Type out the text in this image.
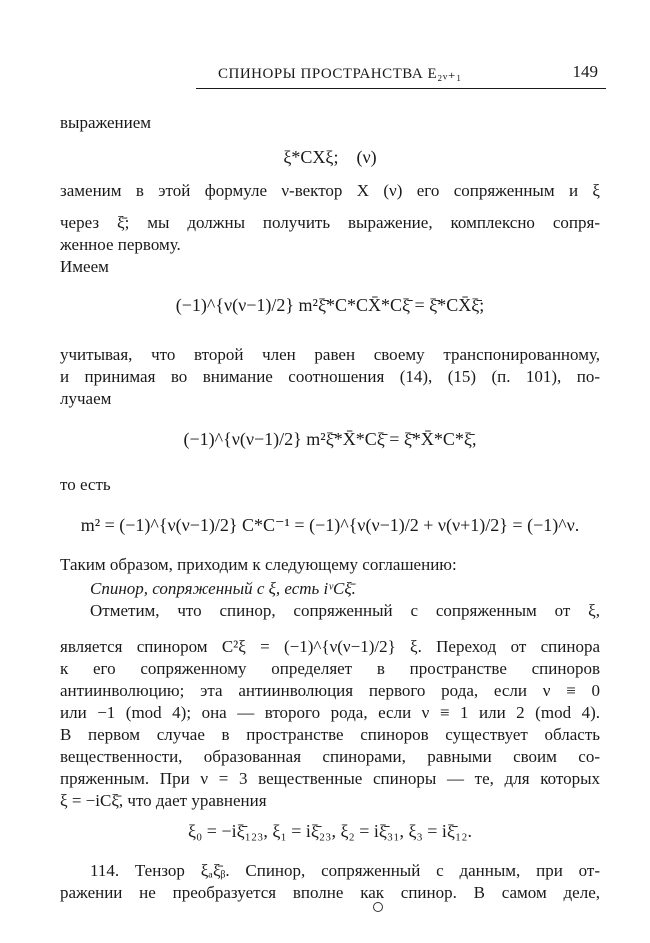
СПИНОРЫ ПРОСТРАНСТВА E₂ᵥ₊₁	149
выражением
ξ*CXξ; (ν)
заменим в этой формуле ν-вектор X (ν) его сопряженным и ξ
через ξ̄; мы должны получить выражение, комплексно сопря-
женное первому.
Имеем
(−1)^{ν(ν−1)/2} m²ξ̄*C*CX̄*Cξ̄ = ξ̄*CX̄ξ̄;
учитывая, что второй член равен своему транспонированному,
и принимая во внимание соотношения (14), (15) (п. 101), по-
лучаем
(−1)^{ν(ν−1)/2} m²ξ̄*X̄*Cξ̄ = ξ̄*X̄*C*ξ̄,
то есть
m² = (−1)^{ν(ν−1)/2} C*C⁻¹ = (−1)^{ν(ν−1)/2 + ν(ν+1)/2} = (−1)^ν.
Таким образом, приходим к следующему соглашению:
Спинор, сопряженный с ξ, есть iᵛCξ̄.
Отметим, что спинор, сопряженный с сопряженным от ξ,
является спинором C²ξ = (−1)^{ν(ν−1)/2} ξ. Переход от спинора
к его сопряженному определяет в пространстве спиноров
антиинволюцию; эта антиинволюция первого рода, если ν ≡ 0
или −1 (mod 4); она — второго рода, если ν ≡ 1 или 2 (mod 4).
В первом случае в пространстве спиноров существует область
вещественности, образованная спинорами, равными своим со-
пряженным. При ν = 3 вещественные спиноры — те, для которых
ξ = −iCξ̄, что дает уравнения
ξ₀ = −iξ̄₁₂₃, ξ₁ = iξ̄₂₃, ξ₂ = iξ̄₃₁, ξ₃ = iξ̄₁₂.
114. Тензор ξₐξ̄ᵦ. Спинор, сопряженный с данным, при от-
ражении не преобразуется вполне как спинор. В самом деле,
